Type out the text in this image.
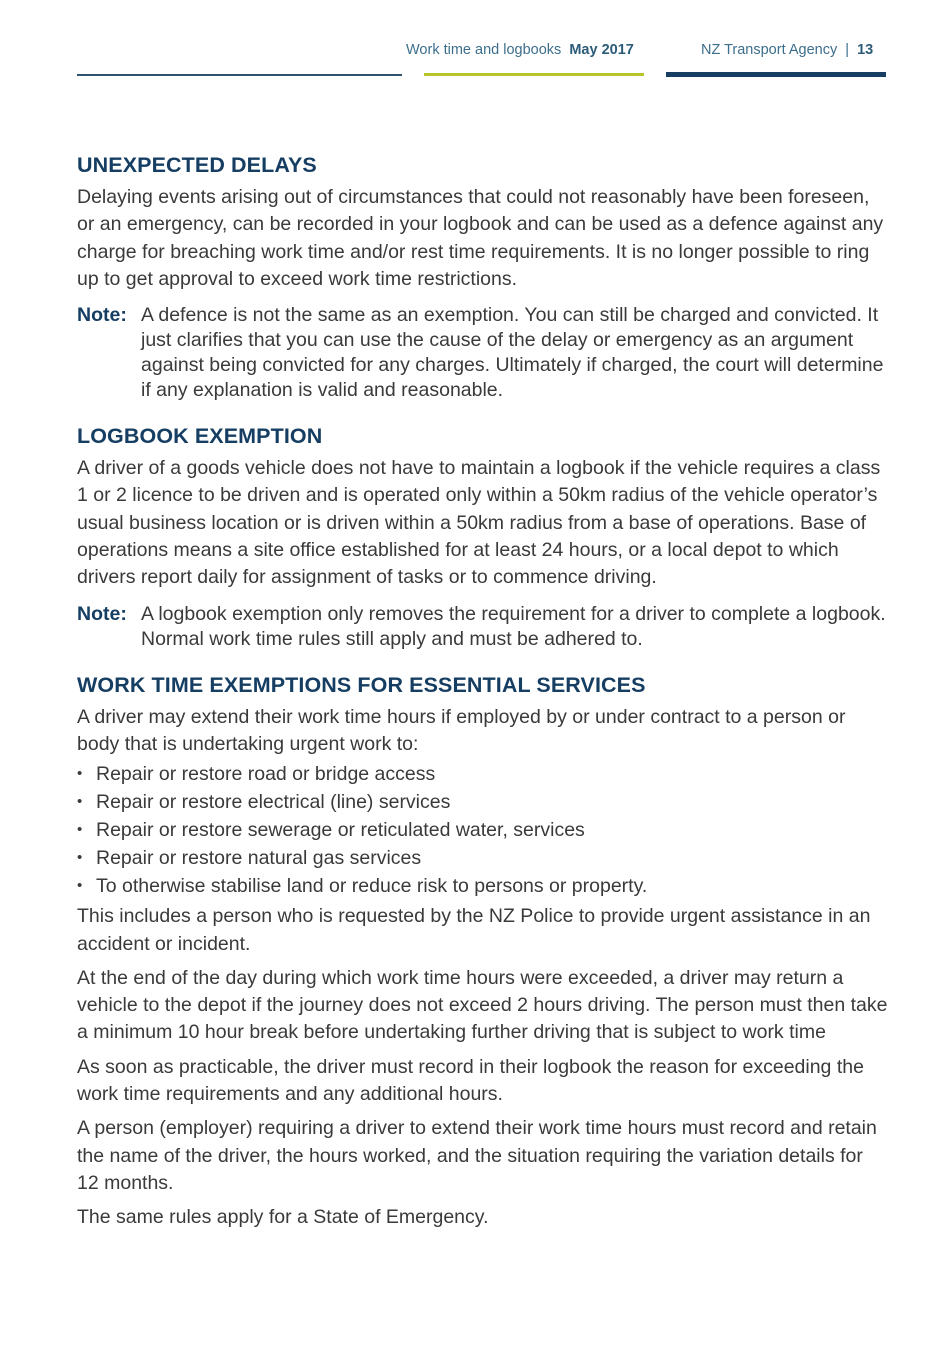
Work time and logbooks May 2017	NZ Transport Agency | 13
UNEXPECTED DELAYS

Delaying events arising out of circumstances that could not reasonably have been foreseen, or an emergency, can be recorded in your logbook and can be used as a defence against any charge for breaching work time and/or rest time requirements. It is no longer possible to ring up to get approval to exceed work time restrictions.

Note: A defence is not the same as an exemption. You can still be charged and convicted. It just clarifies that you can use the cause of the delay or emergency as an argument against being convicted for any charges. Ultimately if charged, the court will determine if any explanation is valid and reasonable.
LOGBOOK EXEMPTION

A driver of a goods vehicle does not have to maintain a logbook if the vehicle requires a class 1 or 2 licence to be driven and is operated only within a 50km radius of the vehicle operator’s usual business location or is driven within a 50km radius from a base of operations. Base of operations means a site office established for at least 24 hours, or a local depot to which drivers report daily for assignment of tasks or to commence driving.

Note: A logbook exemption only removes the requirement for a driver to complete a logbook. Normal work time rules still apply and must be adhered to.
WORK TIME EXEMPTIONS FOR ESSENTIAL SERVICES

A driver may extend their work time hours if employed by or under contract to a person or body that is undertaking urgent work to:

• Repair or restore road or bridge access
• Repair or restore electrical (line) services
• Repair or restore sewerage or reticulated water, services
• Repair or restore natural gas services
• To otherwise stabilise land or reduce risk to persons or property.

This includes a person who is requested by the NZ Police to provide urgent assistance in an accident or incident.

At the end of the day during which work time hours were exceeded, a driver may return a vehicle to the depot if the journey does not exceed 2 hours driving. The person must then take a minimum 10 hour break before undertaking further driving that is subject to work time

As soon as practicable, the driver must record in their logbook the reason for exceeding the work time requirements and any additional hours.

A person (employer) requiring a driver to extend their work time hours must record and retain the name of the driver, the hours worked, and the situation requiring the variation details for 12 months.

The same rules apply for a State of Emergency.
